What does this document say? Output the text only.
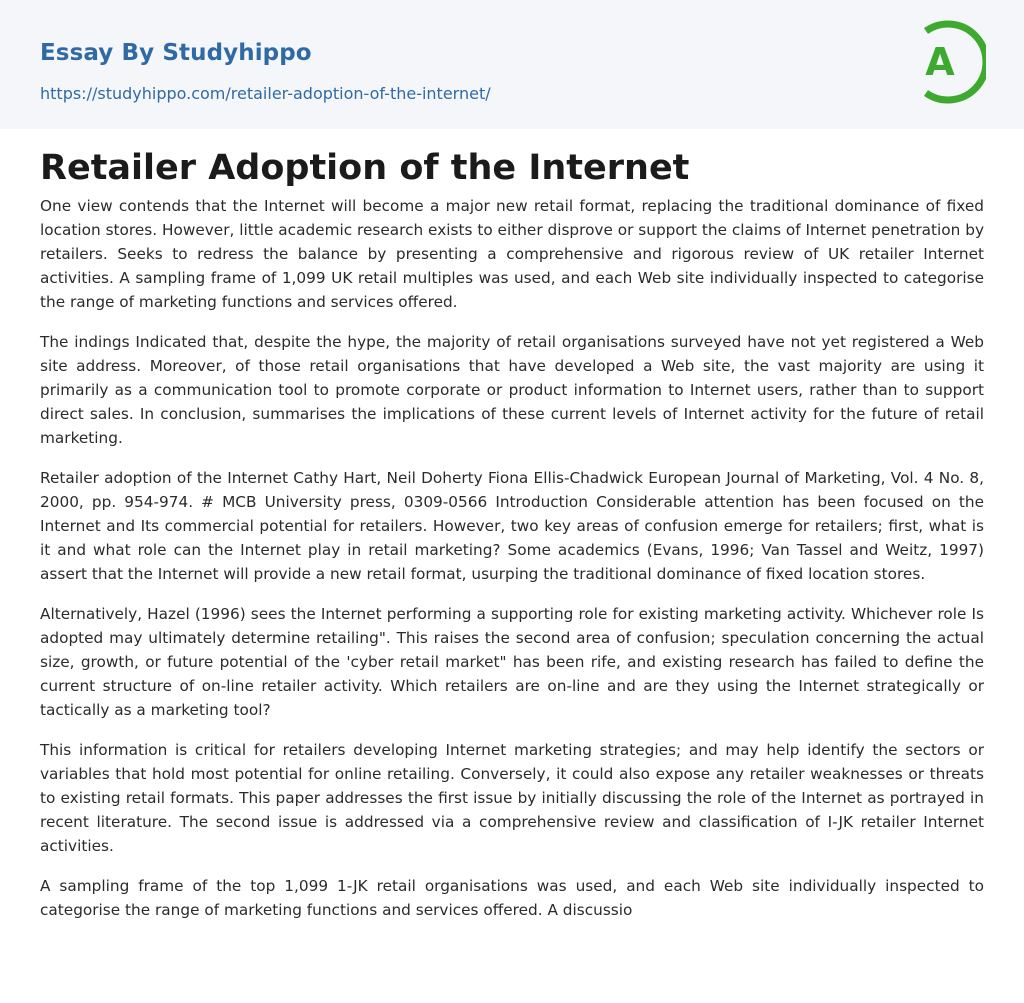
Essay By Studyhippo
https://studyhippo.com/retailer-adoption-of-the-internet/
A
Retailer Adoption of the Internet

One view contends that the Internet will become a major new retail format, replacing the traditional dominance of fixed location stores. However, little academic research exists to either disprove or support the claims of Internet penetration by retailers. Seeks to redress the balance by presenting a comprehensive and rigorous review of UK retailer Internet activities. A sampling frame of 1,099 UK retail multiples was used, and each Web site individually inspected to categorise the range of marketing functions and services offered.

The indings Indicated that, despite the hype, the majority of retail organisations surveyed have not yet registered a Web site address. Moreover, of those retail organisations that have developed a Web site, the vast majority are using it primarily as a communication tool to promote corporate or product information to Internet users, rather than to support direct sales. In conclusion, summarises the implications of these current levels of Internet activity for the future of retail marketing.

Retailer adoption of the Internet Cathy Hart, Neil Doherty Fiona Ellis-Chadwick European Journal of Marketing, Vol. 4 No. 8, 2000, pp. 954-974. # MCB University press, 0309-0566 Introduction Considerable attention has been focused on the Internet and Its commercial potential for retailers. However, two key areas of confusion emerge for retailers; first, what is it and what role can the Internet play in retail marketing? Some academics (Evans, 1996; Van Tassel and Weitz, 1997) assert that the Internet will provide a new retail format, usurping the traditional dominance of fixed location stores.

Alternatively, Hazel (1996) sees the Internet performing a supporting role for existing marketing activity. Whichever role Is adopted may ultimately determine retailing". This raises the second area of confusion; speculation concerning the actual size, growth, or future potential of the 'cyber retail market" has been rife, and existing research has failed to define the current structure of on-line retailer activity. Which retailers are on-line and are they using the Internet strategically or tactically as a marketing tool?

This information is critical for retailers developing Internet marketing strategies; and may help identify the sectors or variables that hold most potential for online retailing. Conversely, it could also expose any retailer weaknesses or threats to existing retail formats. This paper addresses the first issue by initially discussing the role of the Internet as portrayed in recent literature. The second issue is addressed via a comprehensive review and classification of I-JK retailer Internet activities.

A sampling frame of the top 1,099 1-JK retail organisations was used, and each Web site individually inspected to categorise the range of marketing functions and services offered. A discussio
